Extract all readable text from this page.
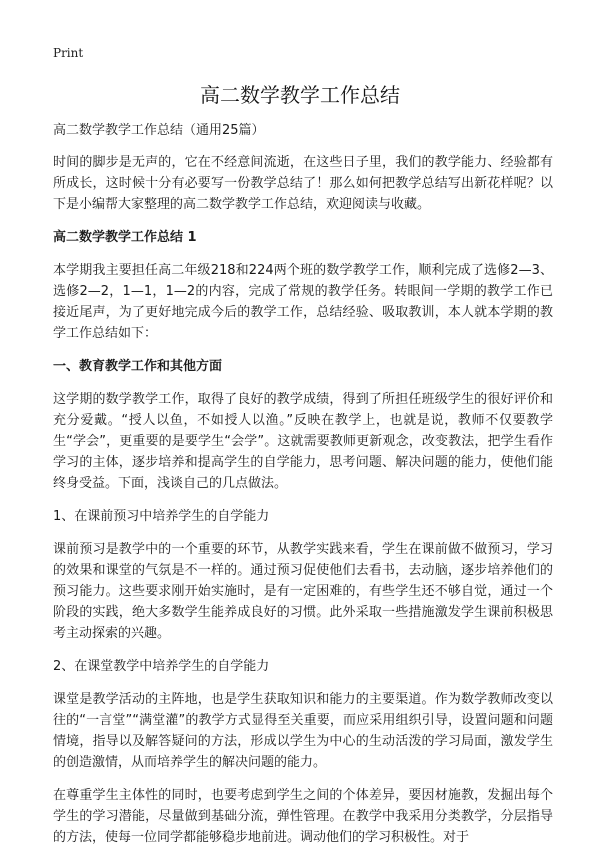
Print
高二数学教学工作总结

高二数学教学工作总结（通用25篇）

时间的脚步是无声的，它在不经意间流逝，在这些日子里，我们的教学能力、经验都有所成长，这时候十分有必要写一份教学总结了！那么如何把教学总结写出新花样呢？以下是小编帮大家整理的高二数学教学工作总结，欢迎阅读与收藏。

高二数学教学工作总结 1

本学期我主要担任高二年级218和224两个班的数学教学工作，顺利完成了选修2—3、选修2—2，1—1，1—2的内容，完成了常规的教学任务。转眼间一学期的教学工作已接近尾声，为了更好地完成今后的教学工作，总结经验、吸取教训，本人就本学期的教学工作总结如下：

一、教育教学工作和其他方面

这学期的数学教学工作，取得了良好的教学成绩，得到了所担任班级学生的很好评价和充分爱戴。“授人以鱼，不如授人以渔。”反映在教学上，也就是说，教师不仅要教学生“学会”，更重要的是要学生“会学”。这就需要教师更新观念，改变教法，把学生看作学习的主体，逐步培养和提高学生的自学能力，思考问题、解决问题的能力，使他们能终身受益。下面，浅谈自己的几点做法。

1、在课前预习中培养学生的自学能力

课前预习是教学中的一个重要的环节，从教学实践来看，学生在课前做不做预习，学习的效果和课堂的气氛是不一样的。通过预习促使他们去看书，去动脑，逐步培养他们的预习能力。这些要求刚开始实施时，是有一定困难的，有些学生还不够自觉，通过一个阶段的实践，绝大多数学生能养成良好的习惯。此外采取一些措施激发学生课前积极思考主动探索的兴趣。

2、在课堂教学中培养学生的自学能力

课堂是教学活动的主阵地，也是学生获取知识和能力的主要渠道。作为数学教师改变以往的“一言堂”“满堂灌”的教学方式显得至关重要，而应采用组织引导，设置问题和问题情境，指导以及解答疑问的方法，形成以学生为中心的生动活泼的学习局面，激发学生的创造激情，从而培养学生的解决问题的能力。

在尊重学生主体性的同时，也要考虑到学生之间的个体差异，要因材施教，发掘出每个学生的学习潜能，尽量做到基础分流，弹性管理。在教学中我采用分类教学，分层指导的方法，使每一位同学都能够稳步地前进。调动他们的学习积极性。对于
